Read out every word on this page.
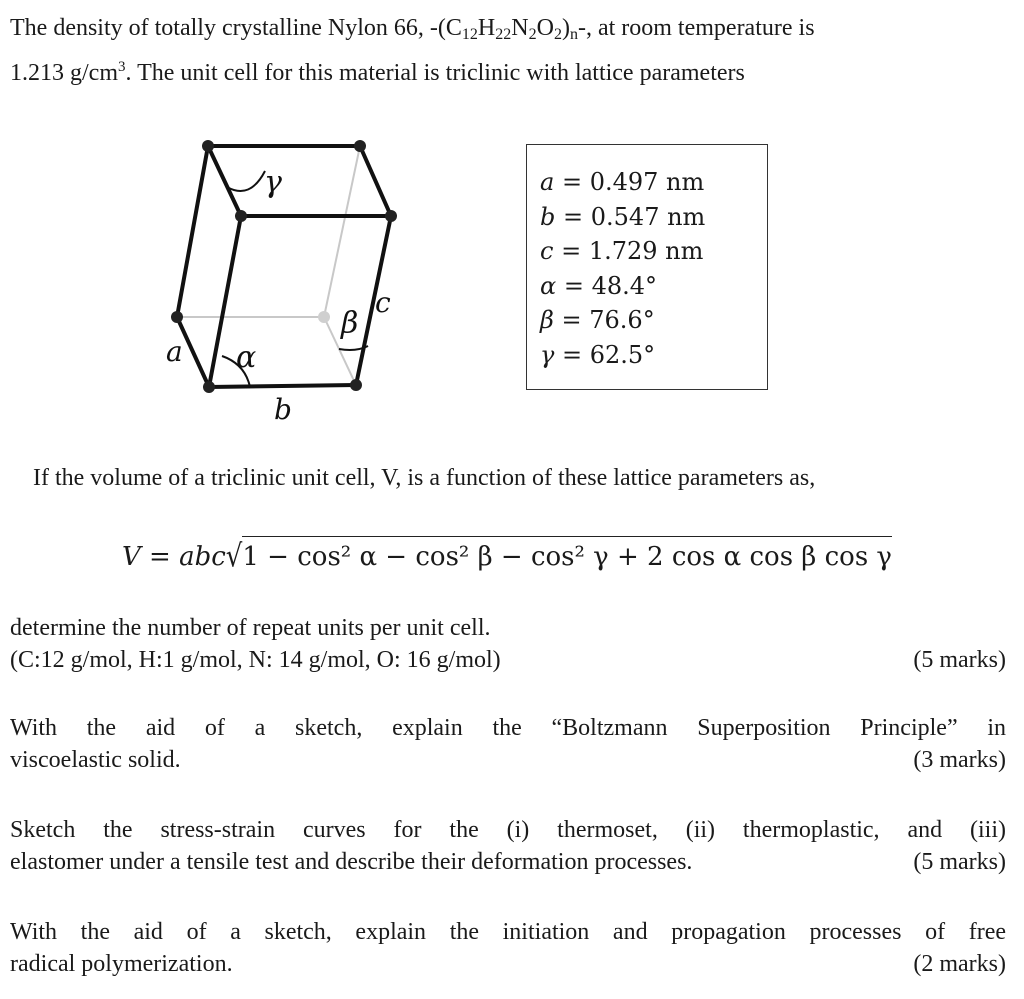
The density of totally crystalline Nylon 66, $-(C_{12}H_{22}N_2O_2)_n-$, at room temperature is
1.213 $g/cm^3$. The unit cell for this material is triclinic with lattice parameters
γ
β
α
a
b
c
a = 0.497 nm
b = 0.547 nm
c = 1.729 nm
α = 48.4°
β = 76.6°
γ = 62.5°
If the volume of a triclinic unit cell, V, is a function of these lattice parameters as,
V = abc√1 − cos² α − cos² β − cos² γ + 2 cos α cos β cos γ
determine the number of repeat units per unit cell.
(C:12 g/mol, H:1 g/mol, N: 14 g/mol, O: 16 g/mol)	(5 marks)
With the aid of a sketch, explain the “Boltzmann Superposition Principle” in
viscoelastic solid.	(3 marks)
Sketch the stress-strain curves for the (i) thermoset, (ii) thermoplastic, and (iii)
elastomer under a tensile test and describe their deformation processes.	(5 marks)
With the aid of a sketch, explain the initiation and propagation processes of free
radical polymerization.	(2 marks)
